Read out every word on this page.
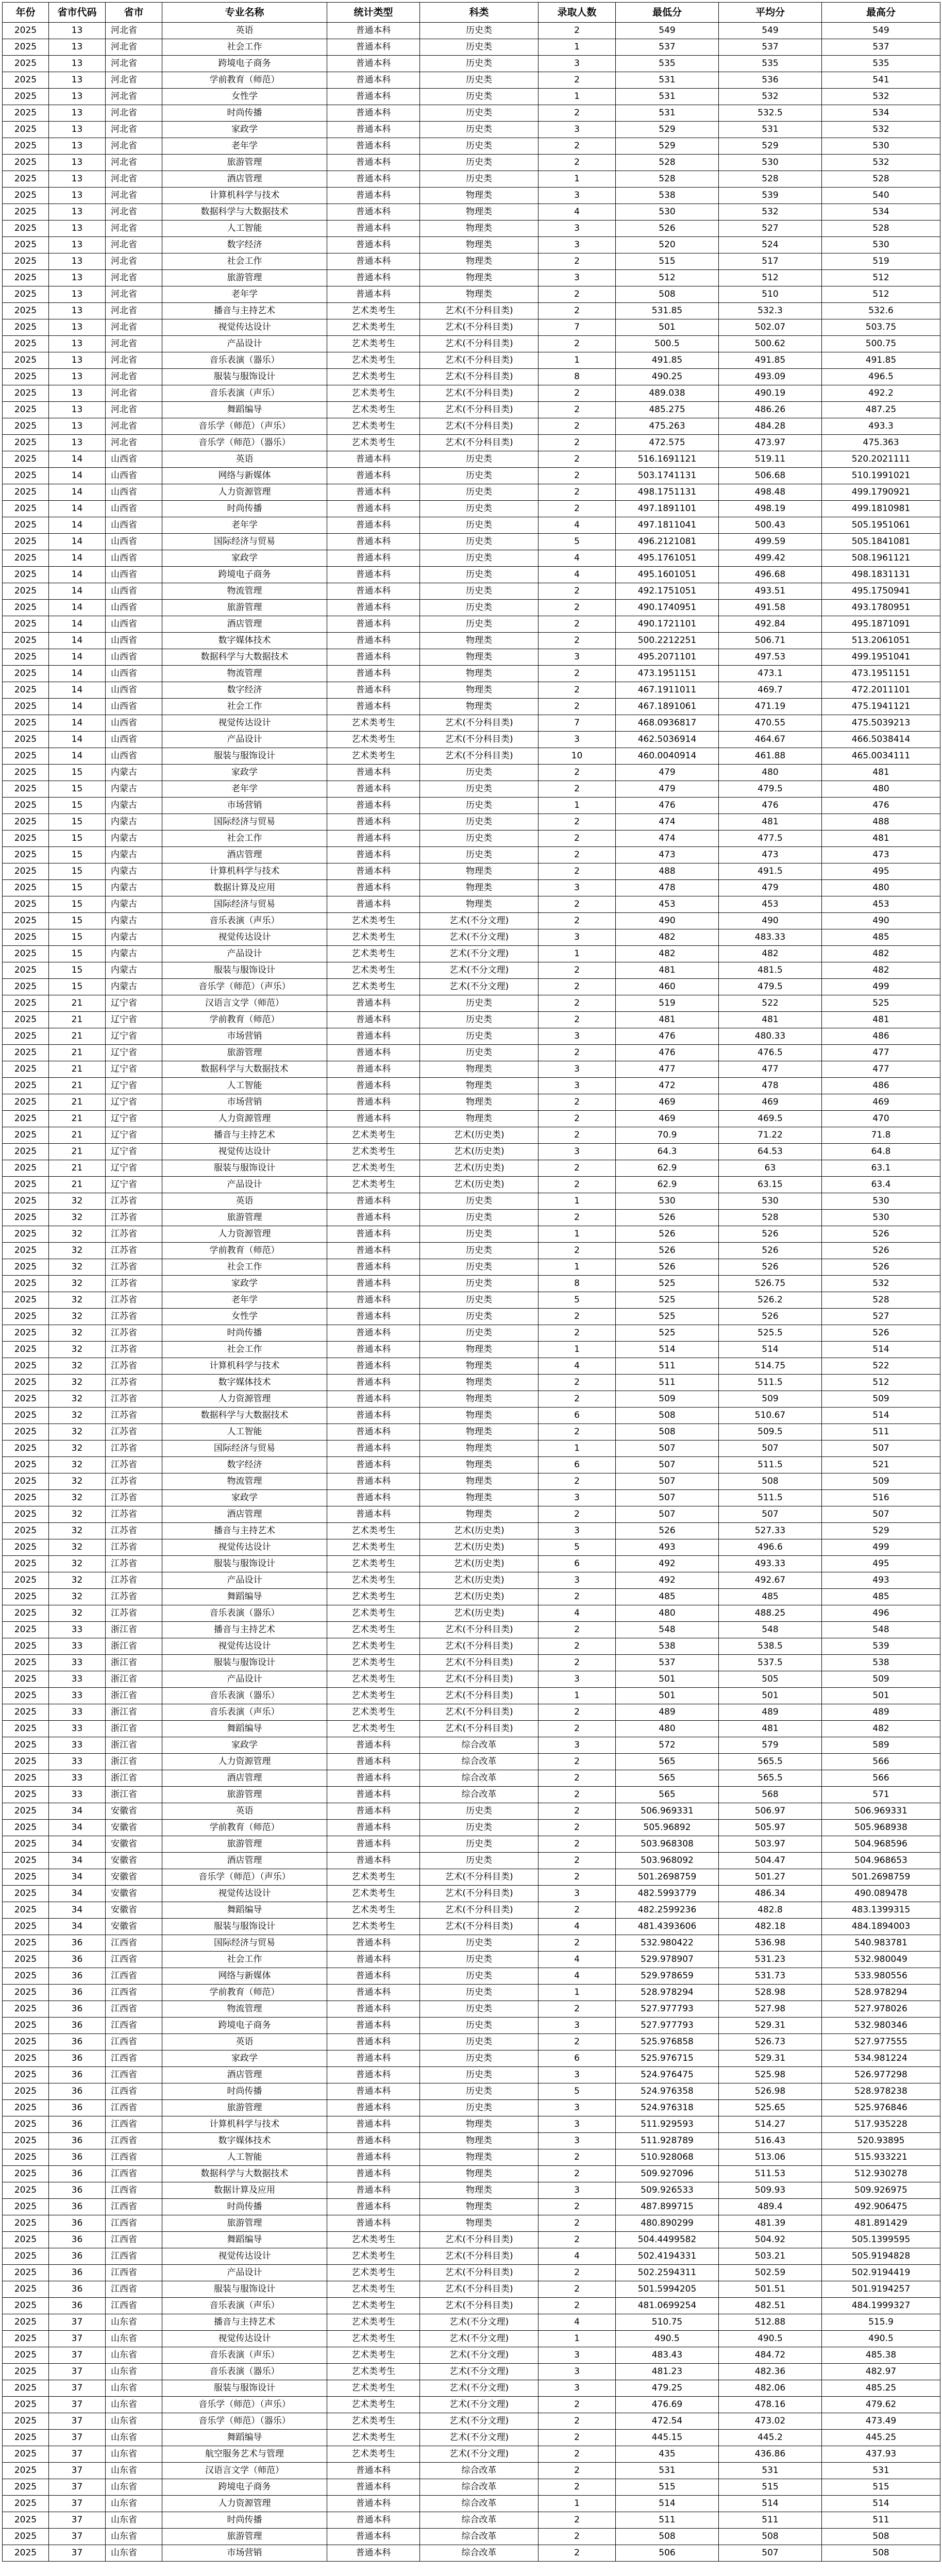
年份	省市代码	省市	专业名称	统计类型	科类	录取人数	最低分	平均分	最高分
2025	13	河北省	英语	普通本科	历史类	2	549	549	549
2025	13	河北省	社会工作	普通本科	历史类	1	537	537	537
2025	13	河北省	跨境电子商务	普通本科	历史类	3	535	535	535
2025	13	河北省	学前教育（师范）	普通本科	历史类	2	531	536	541
2025	13	河北省	女性学	普通本科	历史类	1	531	532	532
2025	13	河北省	时尚传播	普通本科	历史类	2	531	532.5	534
2025	13	河北省	家政学	普通本科	历史类	3	529	531	532
2025	13	河北省	老年学	普通本科	历史类	2	529	529	530
2025	13	河北省	旅游管理	普通本科	历史类	2	528	530	532
2025	13	河北省	酒店管理	普通本科	历史类	1	528	528	528
2025	13	河北省	计算机科学与技术	普通本科	物理类	3	538	539	540
2025	13	河北省	数据科学与大数据技术	普通本科	物理类	4	530	532	534
2025	13	河北省	人工智能	普通本科	物理类	3	526	527	528
2025	13	河北省	数字经济	普通本科	物理类	3	520	524	530
2025	13	河北省	社会工作	普通本科	物理类	2	515	517	519
2025	13	河北省	旅游管理	普通本科	物理类	3	512	512	512
2025	13	河北省	老年学	普通本科	物理类	2	508	510	512
2025	13	河北省	播音与主持艺术	艺术类考生	艺术(不分科目类)	2	531.85	532.3	532.6
2025	13	河北省	视觉传达设计	艺术类考生	艺术(不分科目类)	7	501	502.07	503.75
2025	13	河北省	产品设计	艺术类考生	艺术(不分科目类)	2	500.5	500.62	500.75
2025	13	河北省	音乐表演（器乐）	艺术类考生	艺术(不分科目类)	1	491.85	491.85	491.85
2025	13	河北省	服装与服饰设计	艺术类考生	艺术(不分科目类)	8	490.25	493.09	496.5
2025	13	河北省	音乐表演（声乐）	艺术类考生	艺术(不分科目类)	2	489.038	490.19	492.2
2025	13	河北省	舞蹈编导	艺术类考生	艺术(不分科目类)	2	485.275	486.26	487.25
2025	13	河北省	音乐学（师范）（声乐）	艺术类考生	艺术(不分科目类)	2	475.263	484.28	493.3
2025	13	河北省	音乐学（师范）（器乐）	艺术类考生	艺术(不分科目类)	2	472.575	473.97	475.363
2025	14	山西省	英语	普通本科	历史类	2	516.1691121	519.11	520.2021111
2025	14	山西省	网络与新媒体	普通本科	历史类	2	503.1741131	506.68	510.1991021
2025	14	山西省	人力资源管理	普通本科	历史类	2	498.1751131	498.48	499.1790921
2025	14	山西省	时尚传播	普通本科	历史类	2	497.1891101	498.19	499.1810981
2025	14	山西省	老年学	普通本科	历史类	4	497.1811041	500.43	505.1951061
2025	14	山西省	国际经济与贸易	普通本科	历史类	5	496.2121081	499.59	505.1841081
2025	14	山西省	家政学	普通本科	历史类	4	495.1761051	499.42	508.1961121
2025	14	山西省	跨境电子商务	普通本科	历史类	4	495.1601051	496.68	498.1831131
2025	14	山西省	物流管理	普通本科	历史类	2	492.1751051	493.51	495.1750941
2025	14	山西省	旅游管理	普通本科	历史类	2	490.1740951	491.58	493.1780951
2025	14	山西省	酒店管理	普通本科	历史类	2	490.1721101	492.84	495.1871091
2025	14	山西省	数字媒体技术	普通本科	物理类	2	500.2212251	506.71	513.2061051
2025	14	山西省	数据科学与大数据技术	普通本科	物理类	3	495.2071101	497.53	499.1951041
2025	14	山西省	物流管理	普通本科	物理类	2	473.1951151	473.1	473.1951151
2025	14	山西省	数字经济	普通本科	物理类	2	467.1911011	469.7	472.2011101
2025	14	山西省	社会工作	普通本科	物理类	2	467.1891061	471.19	475.1941121
2025	14	山西省	视觉传达设计	艺术类考生	艺术(不分科目类)	7	468.0936817	470.55	475.5039213
2025	14	山西省	产品设计	艺术类考生	艺术(不分科目类)	3	462.5036914	464.67	466.5038414
2025	14	山西省	服装与服饰设计	艺术类考生	艺术(不分科目类)	10	460.0040914	461.88	465.0034111
2025	15	内蒙古	家政学	普通本科	历史类	2	479	480	481
2025	15	内蒙古	老年学	普通本科	历史类	2	479	479.5	480
2025	15	内蒙古	市场营销	普通本科	历史类	1	476	476	476
2025	15	内蒙古	国际经济与贸易	普通本科	历史类	2	474	481	488
2025	15	内蒙古	社会工作	普通本科	历史类	2	474	477.5	481
2025	15	内蒙古	酒店管理	普通本科	历史类	2	473	473	473
2025	15	内蒙古	计算机科学与技术	普通本科	物理类	2	488	491.5	495
2025	15	内蒙古	数据计算及应用	普通本科	物理类	3	478	479	480
2025	15	内蒙古	国际经济与贸易	普通本科	物理类	2	453	453	453
2025	15	内蒙古	音乐表演（声乐）	艺术类考生	艺术(不分文理)	2	490	490	490
2025	15	内蒙古	视觉传达设计	艺术类考生	艺术(不分文理)	3	482	483.33	485
2025	15	内蒙古	产品设计	艺术类考生	艺术(不分文理)	1	482	482	482
2025	15	内蒙古	服装与服饰设计	艺术类考生	艺术(不分文理)	2	481	481.5	482
2025	15	内蒙古	音乐学（师范）（声乐）	艺术类考生	艺术(不分文理)	2	460	479.5	499
2025	21	辽宁省	汉语言文学（师范）	普通本科	历史类	2	519	522	525
2025	21	辽宁省	学前教育（师范）	普通本科	历史类	2	481	481	481
2025	21	辽宁省	市场营销	普通本科	历史类	3	476	480.33	486
2025	21	辽宁省	旅游管理	普通本科	历史类	2	476	476.5	477
2025	21	辽宁省	数据科学与大数据技术	普通本科	物理类	3	477	477	477
2025	21	辽宁省	人工智能	普通本科	物理类	3	472	478	486
2025	21	辽宁省	市场营销	普通本科	物理类	2	469	469	469
2025	21	辽宁省	人力资源管理	普通本科	物理类	2	469	469.5	470
2025	21	辽宁省	播音与主持艺术	艺术类考生	艺术(历史类)	2	70.9	71.22	71.8
2025	21	辽宁省	视觉传达设计	艺术类考生	艺术(历史类)	3	64.3	64.53	64.8
2025	21	辽宁省	服装与服饰设计	艺术类考生	艺术(历史类)	2	62.9	63	63.1
2025	21	辽宁省	产品设计	艺术类考生	艺术(历史类)	2	62.9	63.15	63.4
2025	32	江苏省	英语	普通本科	历史类	1	530	530	530
2025	32	江苏省	旅游管理	普通本科	历史类	2	526	528	530
2025	32	江苏省	人力资源管理	普通本科	历史类	1	526	526	526
2025	32	江苏省	学前教育（师范）	普通本科	历史类	2	526	526	526
2025	32	江苏省	社会工作	普通本科	历史类	1	526	526	526
2025	32	江苏省	家政学	普通本科	历史类	8	525	526.75	532
2025	32	江苏省	老年学	普通本科	历史类	5	525	526.2	528
2025	32	江苏省	女性学	普通本科	历史类	2	525	526	527
2025	32	江苏省	时尚传播	普通本科	历史类	2	525	525.5	526
2025	32	江苏省	社会工作	普通本科	物理类	1	514	514	514
2025	32	江苏省	计算机科学与技术	普通本科	物理类	4	511	514.75	522
2025	32	江苏省	数字媒体技术	普通本科	物理类	2	511	511.5	512
2025	32	江苏省	人力资源管理	普通本科	物理类	2	509	509	509
2025	32	江苏省	数据科学与大数据技术	普通本科	物理类	6	508	510.67	514
2025	32	江苏省	人工智能	普通本科	物理类	2	508	509.5	511
2025	32	江苏省	国际经济与贸易	普通本科	物理类	1	507	507	507
2025	32	江苏省	数字经济	普通本科	物理类	6	507	511.5	521
2025	32	江苏省	物流管理	普通本科	物理类	2	507	508	509
2025	32	江苏省	家政学	普通本科	物理类	3	507	511.5	516
2025	32	江苏省	酒店管理	普通本科	物理类	2	507	507	507
2025	32	江苏省	播音与主持艺术	艺术类考生	艺术(历史类)	3	526	527.33	529
2025	32	江苏省	视觉传达设计	艺术类考生	艺术(历史类)	5	493	496.6	499
2025	32	江苏省	服装与服饰设计	艺术类考生	艺术(历史类)	6	492	493.33	495
2025	32	江苏省	产品设计	艺术类考生	艺术(历史类)	3	492	492.67	493
2025	32	江苏省	舞蹈编导	艺术类考生	艺术(历史类)	2	485	485	485
2025	32	江苏省	音乐表演（器乐）	艺术类考生	艺术(历史类)	4	480	488.25	496
2025	33	浙江省	播音与主持艺术	艺术类考生	艺术(不分科目类)	2	548	548	548
2025	33	浙江省	视觉传达设计	艺术类考生	艺术(不分科目类)	2	538	538.5	539
2025	33	浙江省	服装与服饰设计	艺术类考生	艺术(不分科目类)	2	537	537.5	538
2025	33	浙江省	产品设计	艺术类考生	艺术(不分科目类)	3	501	505	509
2025	33	浙江省	音乐表演（器乐）	艺术类考生	艺术(不分科目类)	1	501	501	501
2025	33	浙江省	音乐表演（声乐）	艺术类考生	艺术(不分科目类)	2	489	489	489
2025	33	浙江省	舞蹈编导	艺术类考生	艺术(不分科目类)	2	480	481	482
2025	33	浙江省	家政学	普通本科	综合改革	3	572	579	589
2025	33	浙江省	人力资源管理	普通本科	综合改革	2	565	565.5	566
2025	33	浙江省	酒店管理	普通本科	综合改革	2	565	565.5	566
2025	33	浙江省	旅游管理	普通本科	综合改革	2	565	568	571
2025	34	安徽省	英语	普通本科	历史类	2	506.969331	506.97	506.969331
2025	34	安徽省	学前教育（师范）	普通本科	历史类	2	505.96892	505.97	505.968938
2025	34	安徽省	旅游管理	普通本科	历史类	2	503.968308	503.97	504.968596
2025	34	安徽省	酒店管理	普通本科	历史类	2	503.968092	504.47	504.968653
2025	34	安徽省	音乐学（师范）（声乐）	艺术类考生	艺术(不分科目类)	2	501.2698759	501.27	501.2698759
2025	34	安徽省	视觉传达设计	艺术类考生	艺术(不分科目类)	3	482.5993779	486.34	490.089478
2025	34	安徽省	舞蹈编导	艺术类考生	艺术(不分科目类)	2	482.2599236	482.8	483.1399315
2025	34	安徽省	服装与服饰设计	艺术类考生	艺术(不分科目类)	4	481.4393606	482.18	484.1894003
2025	36	江西省	国际经济与贸易	普通本科	历史类	2	532.980422	536.98	540.983781
2025	36	江西省	社会工作	普通本科	历史类	4	529.978907	531.23	532.980049
2025	36	江西省	网络与新媒体	普通本科	历史类	4	529.978659	531.73	533.980556
2025	36	江西省	学前教育（师范）	普通本科	历史类	1	528.978294	528.98	528.978294
2025	36	江西省	物流管理	普通本科	历史类	2	527.977793	527.98	527.978026
2025	36	江西省	跨境电子商务	普通本科	历史类	3	527.977793	529.31	532.980346
2025	36	江西省	英语	普通本科	历史类	2	525.976858	526.73	527.977555
2025	36	江西省	家政学	普通本科	历史类	6	525.976715	529.31	534.981224
2025	36	江西省	酒店管理	普通本科	历史类	3	524.976475	525.98	526.977298
2025	36	江西省	时尚传播	普通本科	历史类	5	524.976358	526.98	528.978238
2025	36	江西省	旅游管理	普通本科	历史类	3	524.976318	525.65	525.976846
2025	36	江西省	计算机科学与技术	普通本科	物理类	3	511.929593	514.27	517.935228
2025	36	江西省	数字媒体技术	普通本科	物理类	3	511.928789	516.43	520.93895
2025	36	江西省	人工智能	普通本科	物理类	2	510.928068	513.06	515.933221
2025	36	江西省	数据科学与大数据技术	普通本科	物理类	2	509.927096	511.53	512.930278
2025	36	江西省	数据计算及应用	普通本科	物理类	3	509.926533	509.93	509.926975
2025	36	江西省	时尚传播	普通本科	物理类	2	487.899715	489.4	492.906475
2025	36	江西省	旅游管理	普通本科	物理类	2	480.890299	481.39	481.891429
2025	36	江西省	舞蹈编导	艺术类考生	艺术(不分科目类)	2	504.4499582	504.92	505.1399595
2025	36	江西省	视觉传达设计	艺术类考生	艺术(不分科目类)	4	502.4194331	503.21	505.9194828
2025	36	江西省	产品设计	艺术类考生	艺术(不分科目类)	2	502.2594311	502.59	502.9194419
2025	36	江西省	服装与服饰设计	艺术类考生	艺术(不分科目类)	2	501.5994205	501.51	501.9194257
2025	36	江西省	音乐表演（声乐）	艺术类考生	艺术(不分科目类)	2	481.0699254	482.51	484.1999327
2025	37	山东省	播音与主持艺术	艺术类考生	艺术(不分文理)	4	510.75	512.88	515.9
2025	37	山东省	视觉传达设计	艺术类考生	艺术(不分文理)	1	490.5	490.5	490.5
2025	37	山东省	音乐表演（声乐）	艺术类考生	艺术(不分文理)	3	483.43	484.72	485.38
2025	37	山东省	音乐表演（器乐）	艺术类考生	艺术(不分文理)	3	481.23	482.36	482.97
2025	37	山东省	服装与服饰设计	艺术类考生	艺术(不分文理)	3	479.25	482.06	485.25
2025	37	山东省	音乐学（师范）（声乐）	艺术类考生	艺术(不分文理)	2	476.69	478.16	479.62
2025	37	山东省	音乐学（师范）（器乐）	艺术类考生	艺术(不分文理)	2	472.54	473.02	473.49
2025	37	山东省	舞蹈编导	艺术类考生	艺术(不分文理)	2	445.15	445.2	445.25
2025	37	山东省	航空服务艺术与管理	艺术类考生	艺术(不分文理)	2	435	436.86	437.93
2025	37	山东省	汉语言文学（师范）	普通本科	综合改革	2	531	531	531
2025	37	山东省	跨境电子商务	普通本科	综合改革	2	515	515	515
2025	37	山东省	人力资源管理	普通本科	综合改革	1	514	514	514
2025	37	山东省	时尚传播	普通本科	综合改革	2	511	511	511
2025	37	山东省	旅游管理	普通本科	综合改革	2	508	508	508
2025	37	山东省	市场营销	普通本科	综合改革	2	506	507	508
